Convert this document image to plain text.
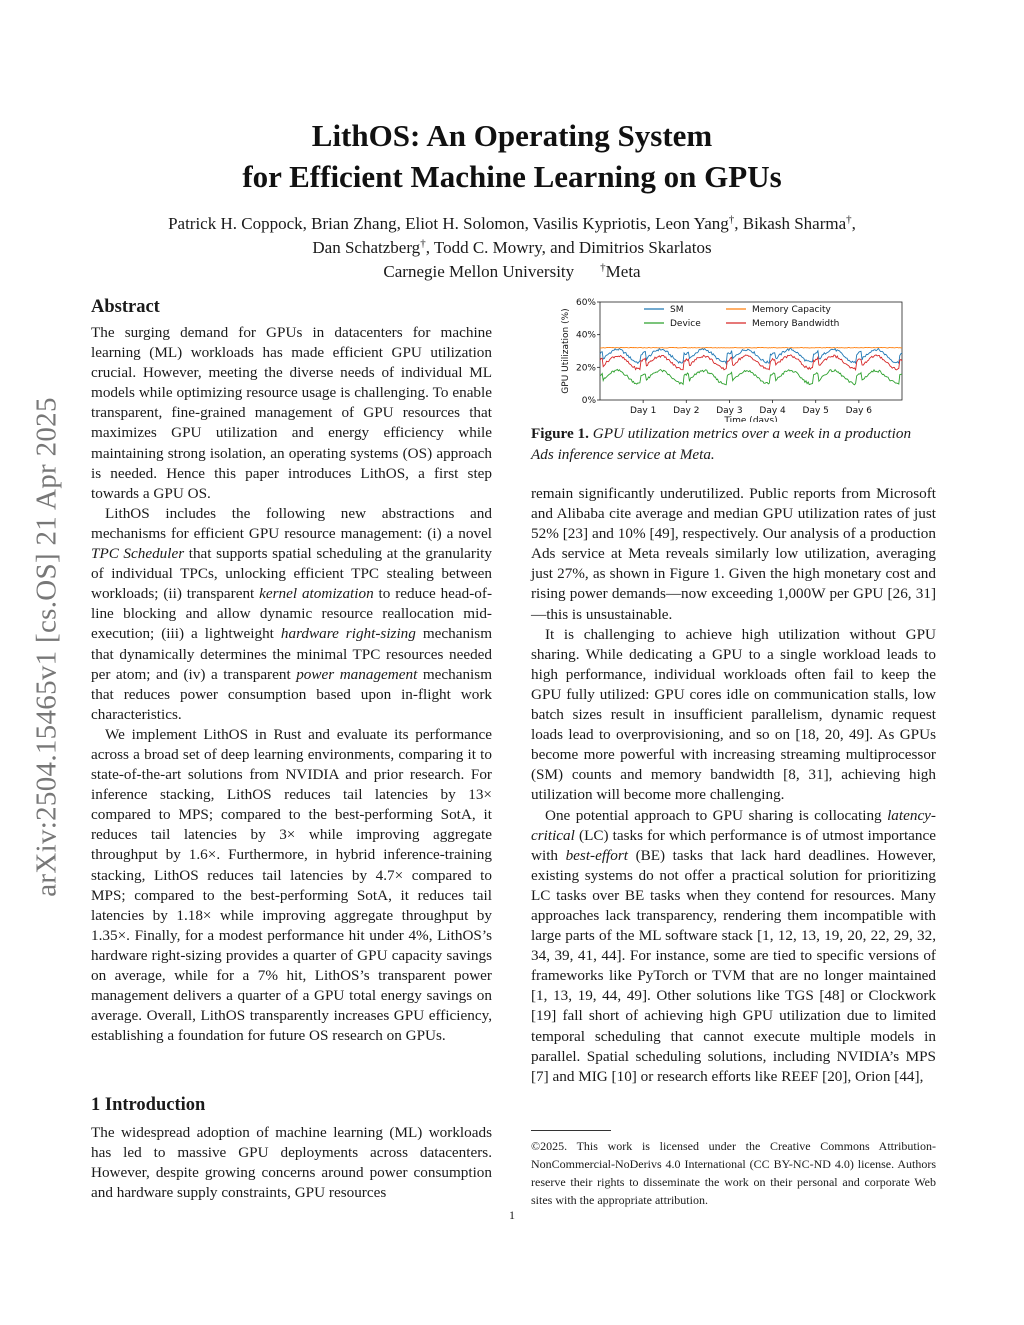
arXiv:2504.15465v1 [cs.OS] 21 Apr 2025
LithOS: An Operating System
for Efficient Machine Learning on GPUs
Patrick H. Coppock, Brian Zhang, Eliot H. Solomon, Vasilis Kypriotis, Leon Yang†, Bikash Sharma†,
Dan Schatzberg†, Todd C. Mowry, and Dimitrios Skarlatos
Carnegie Mellon University †Meta
Abstract

The surging demand for GPUs in datacenters for machine learning (ML) workloads has made efficient GPU utilization crucial. However, meeting the diverse needs of individual ML models while optimizing resource usage is challenging. To enable transparent, fine-grained management of GPU resources that maximizes GPU utilization and energy efficiency while maintaining strong isolation, an operating systems (OS) approach is needed. Hence this paper introduces LithOS, a first step towards a GPU OS.

LithOS includes the following new abstractions and mechanisms for efficient GPU resource management: (i) a novel TPC Scheduler that supports spatial scheduling at the granularity of individual TPCs, unlocking efficient TPC stealing between workloads; (ii) transparent kernel atomization to reduce head-of-line blocking and allow dynamic resource reallocation mid-execution; (iii) a lightweight hardware right-sizing mechanism that dynamically determines the minimal TPC resources needed per atom; and (iv) a transparent power management mechanism that reduces power consumption based upon in-flight work characteristics.

We implement LithOS in Rust and evaluate its performance across a broad set of deep learning environments, comparing it to state-of-the-art solutions from NVIDIA and prior research. For inference stacking, LithOS reduces tail latencies by 13× compared to MPS; compared to the best-performing SotA, it reduces tail latencies by 3× while improving aggregate throughput by 1.6×. Furthermore, in hybrid inference-training stacking, LithOS reduces tail latencies by 4.7× compared to MPS; compared to the best-performing SotA, it reduces tail latencies by 1.18× while improving aggregate throughput by 1.35×. Finally, for a modest performance hit under 4%, LithOS’s hardware right-sizing provides a quarter of GPU capacity savings on average, while for a 7% hit, LithOS’s transparent power management delivers a quarter of a GPU total energy savings on average. Overall, LithOS transparently increases GPU efficiency, establishing a foundation for future OS research on GPUs.

1 Introduction

The widespread adoption of machine learning (ML) workloads has led to massive GPU deployments across datacenters. However, despite growing concerns around power consumption and hardware supply constraints, GPU resources

0%
20%
40%
60%
Day 1 Day 2 Day 3 Day 4 Day 5 Day 6
Time (days)
GPU Utilization (%)	SM
Device
Memory Capacity
Memory Bandwidth
Figure 1. GPU utilization metrics over a week in a production Ads inference service at Meta.

remain significantly underutilized. Public reports from Microsoft and Alibaba cite average and median GPU utilization rates of just 52% [23] and 10% [49], respectively. Our analysis of a production Ads service at Meta reveals similarly low utilization, averaging just 27%, as shown in Figure 1. Given the high monetary cost and rising power demands—now exceeding 1,000W per GPU [26, 31]—this is unsustainable.

It is challenging to achieve high utilization without GPU sharing. While dedicating a GPU to a single workload leads to high performance, individual workloads often fail to keep the GPU fully utilized: GPU cores idle on communication stalls, low batch sizes result in insufficient parallelism, dynamic request loads lead to overprovisioning, and so on [18, 20, 49]. As GPUs become more powerful with increasing streaming multiprocessor (SM) counts and memory bandwidth [8, 31], achieving high utilization will become more challenging.

One potential approach to GPU sharing is collocating latency-critical (LC) tasks for which performance is of utmost importance with best-effort (BE) tasks that lack hard deadlines. However, existing systems do not offer a practical solution for prioritizing LC tasks over BE tasks when they contend for resources. Many approaches lack transparency, rendering them incompatible with large parts of the ML software stack [1, 12, 13, 19, 20, 22, 29, 32, 34, 39, 41, 44]. For instance, some are tied to specific versions of frameworks like PyTorch or TVM that are no longer maintained [1, 13, 19, 44, 49]. Other solutions like TGS [48] or Clockwork [19] fall short of achieving high GPU utilization due to limited temporal scheduling that cannot execute multiple models in parallel. Spatial scheduling solutions, including NVIDIA’s MPS [7] and MIG [10] or research efforts like REEF [20], Orion [44],

©2025. This work is licensed under the Creative Commons Attribution-NonCommercial-NoDerivs 4.0 International (CC BY-NC-ND 4.0) license. Authors reserve their rights to disseminate the work on their personal and corporate Web sites with the appropriate attribution.
1
